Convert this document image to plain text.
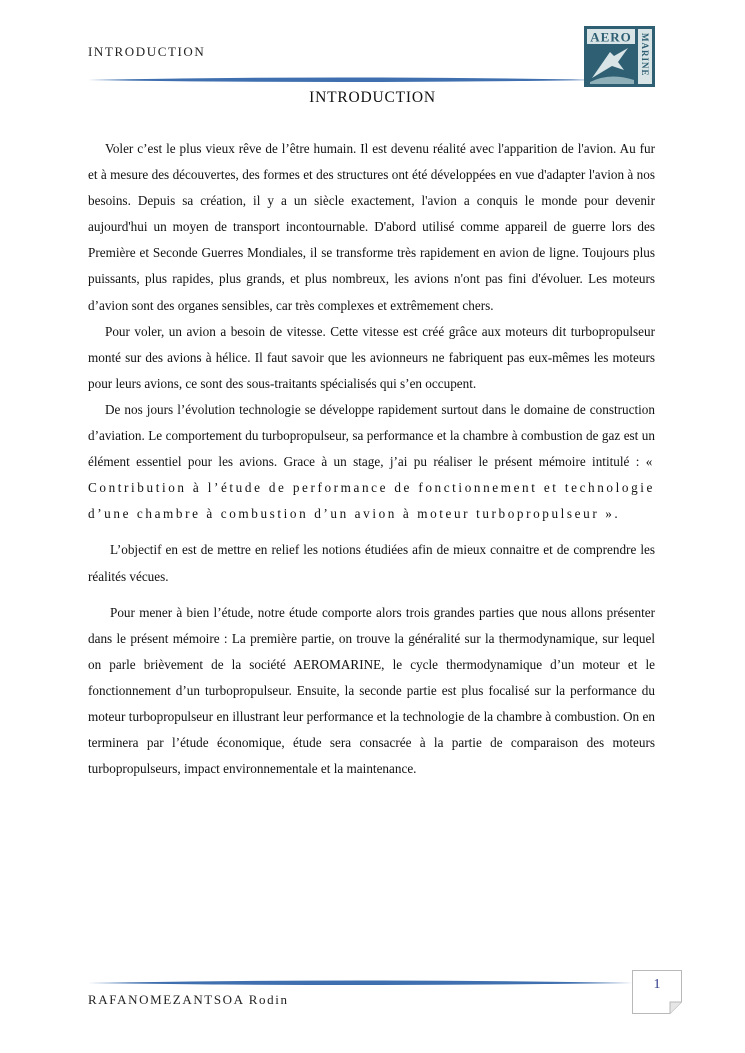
INTRODUCTION
AERO MARINE
INTRODUCTION

Voler c’est le plus vieux rêve de l’être humain. Il est devenu réalité avec l'apparition de l'avion. Au fur et à mesure des découvertes, des formes et des structures ont été développées en vue d'adapter l'avion à nos besoins. Depuis sa création, il y a un siècle exactement, l'avion a conquis le monde pour devenir aujourd'hui un moyen de transport incontournable. D'abord utilisé comme appareil de guerre lors des Première et Seconde Guerres Mondiales, il se transforme très rapidement en avion de ligne. Toujours plus puissants, plus rapides, plus grands, et plus nombreux, les avions n'ont pas fini d'évoluer. Les moteurs d’avion sont des organes sensibles, car très complexes et extrêmement chers.

Pour voler, un avion a besoin de vitesse. Cette vitesse est créé grâce aux moteurs dit turbopropulseur monté sur des avions à hélice. Il faut savoir que les avionneurs ne fabriquent pas eux-mêmes les moteurs pour leurs avions, ce sont des sous-traitants spécialisés qui s’en occupent.

De nos jours l’évolution technologie se développe rapidement surtout dans le domaine de construction d’aviation. Le comportement du turbopropulseur, sa performance et la chambre à combustion de gaz est un élément essentiel pour les avions. Grace à un stage, j’ai pu réaliser le présent mémoire intitulé : « Contribution à l’étude de performance de fonctionnement et technologie d’une chambre à combustion d’un avion à moteur turbopropulseur ».

L’objectif en est de mettre en relief les notions étudiées afin de mieux connaitre et de comprendre les réalités vécues.

Pour mener à bien l’étude, notre étude comporte alors trois grandes parties que nous allons présenter dans le présent mémoire : La première partie, on trouve la généralité sur la thermodynamique, sur lequel on parle brièvement de la société AEROMARINE, le cycle thermodynamique d’un moteur et le fonctionnement d’un turbopropulseur. Ensuite, la seconde partie est plus focalisé sur la performance du moteur turbopropulseur en illustrant leur performance et la technologie de la chambre à combustion. On en terminera par l’étude économique, étude sera consacrée à la partie de comparaison des moteurs turbopropulseurs, impact environnementale et la maintenance.

1
RAFANOMEZANTSOA Rodin
